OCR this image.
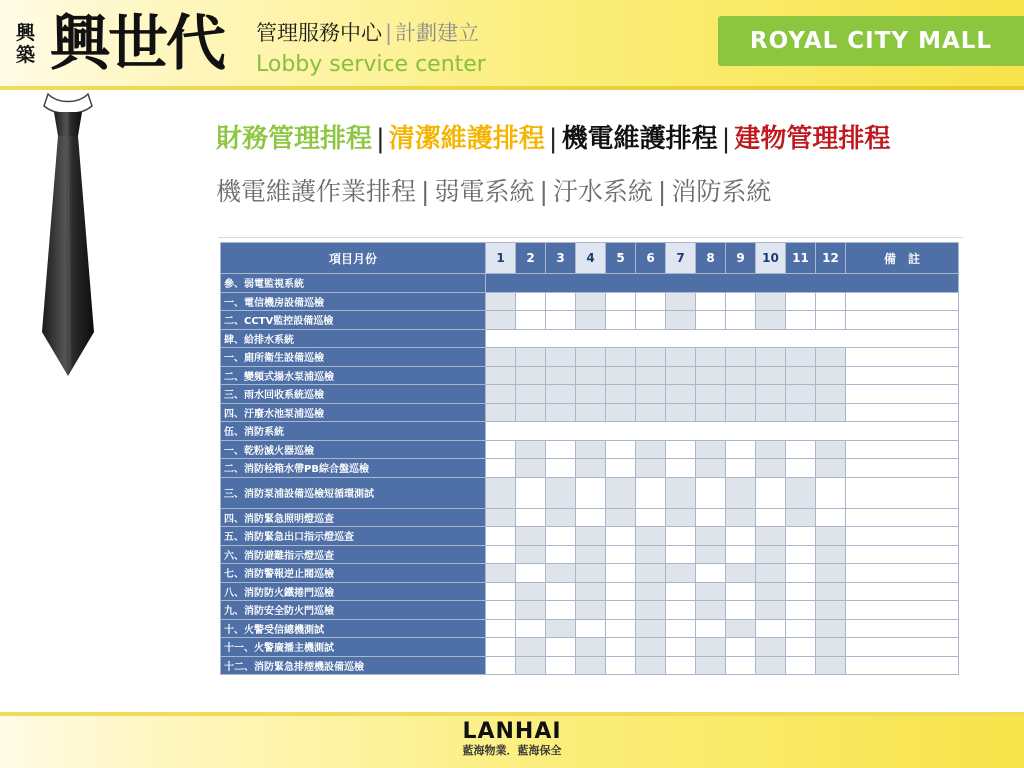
興築 興世代 管理服務中心 | 計劃建立
Lobby service center
ROYAL CITY MALL
財務管理排程 | 清潔維護排程 | 機電維護排程 | 建物管理排程
機電維護作業排程 | 弱電系統 | 汙水系統 | 消防系統
項目月份	1	2	3	4	5	6	7	8	9	10	11	12	備　註
參、弱電監視系統													
一、電信機房設備巡檢													
二、CCTV監控設備巡檢													
肆、給排水系統													
一、廁所衛生設備巡檢													
二、變頻式揚水泵浦巡檢													
三、雨水回收系統巡檢													
四、汙廢水池泵浦巡檢													
伍、消防系統													
一、乾粉滅火器巡檢													
二、消防栓箱水帶PB綜合盤巡檢													
三、消防泵浦設備巡檢短循環測試													
四、消防緊急照明燈巡查													
五、消防緊急出口指示燈巡查													
六、消防避難指示燈巡查													
七、消防警報逆止閥巡檢													
八、消防防火鐵捲門巡檢													
九、消防安全防火門巡檢													
十、火警受信總機測試													
十一、火警廣播主機測試													
十二、消防緊急排煙機設備巡檢													
LANHAI
藍海物業．藍海保全
